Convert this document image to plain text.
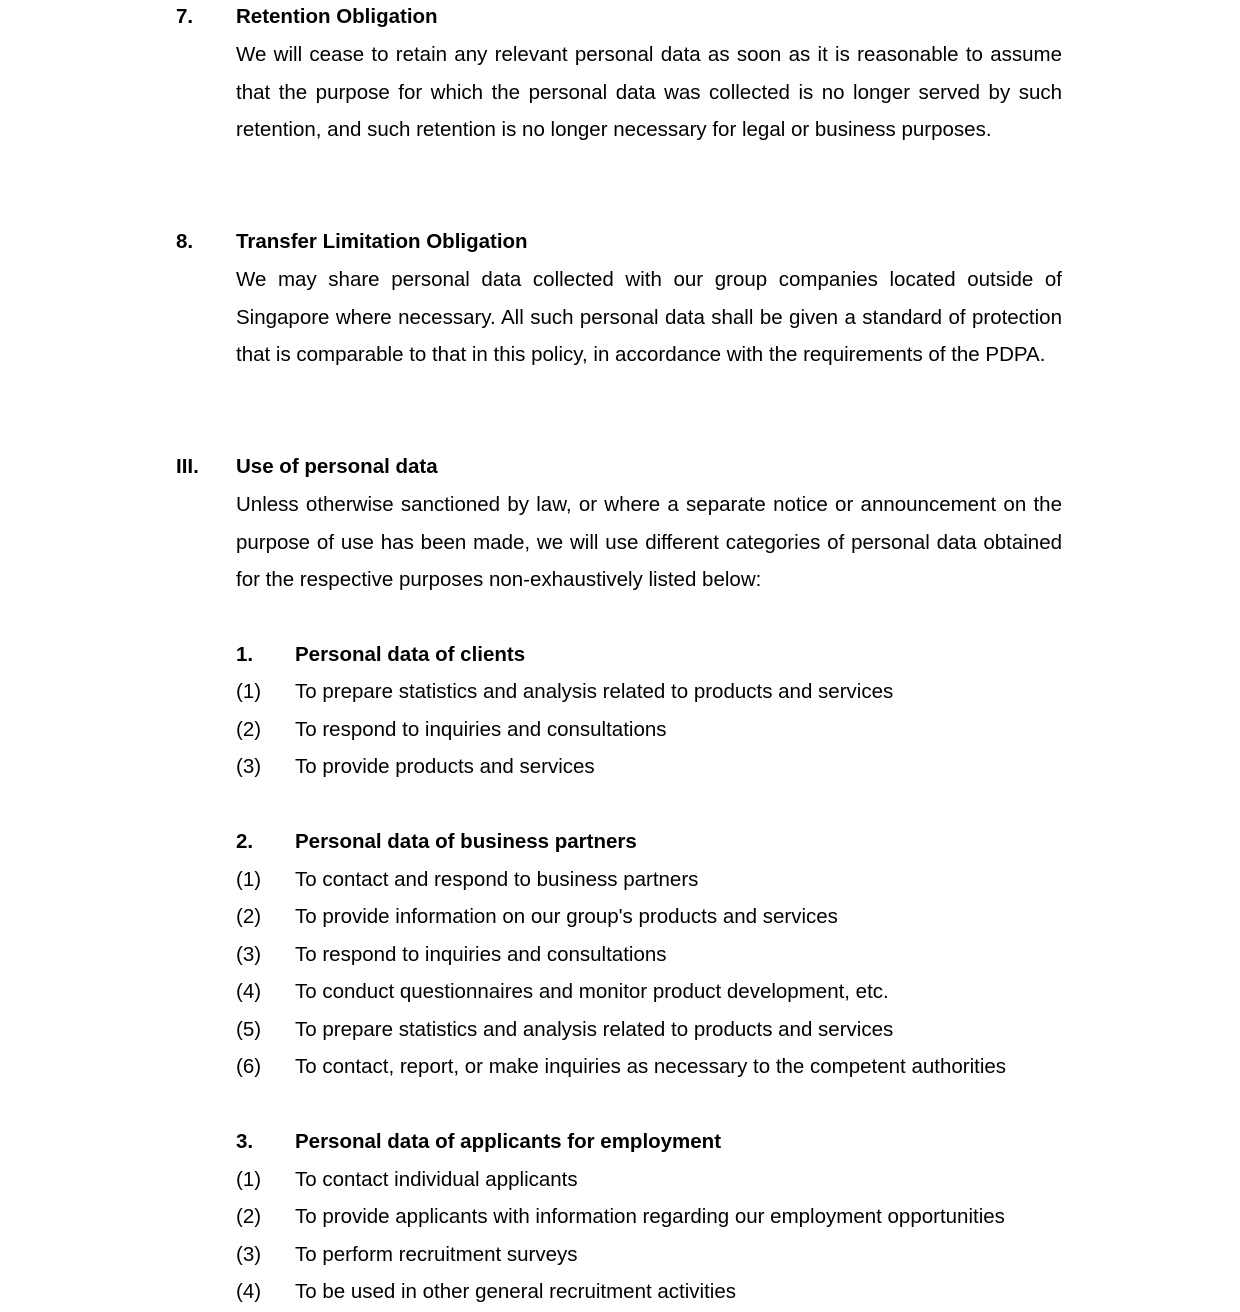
7. Retention Obligation
We will cease to retain any relevant personal data as soon as it is reasonable to assume that the purpose for which the personal data was collected is no longer served by such retention, and such retention is no longer necessary for legal or business purposes.
8. Transfer Limitation Obligation
We may share personal data collected with our group companies located outside of Singapore where necessary. All such personal data shall be given a standard of protection that is comparable to that in this policy, in accordance with the requirements of the PDPA.
III. Use of personal data
Unless otherwise sanctioned by law, or where a separate notice or announcement on the purpose of use has been made, we will use different categories of personal data obtained for the respective purposes non-exhaustively listed below:
1. Personal data of clients
(1) To prepare statistics and analysis related to products and services
(2) To respond to inquiries and consultations
(3) To provide products and services
2. Personal data of business partners
(1) To contact and respond to business partners
(2) To provide information on our group's products and services
(3) To respond to inquiries and consultations
(4) To conduct questionnaires and monitor product development, etc.
(5) To prepare statistics and analysis related to products and services
(6) To contact, report, or make inquiries as necessary to the competent authorities
3. Personal data of applicants for employment
(1) To contact individual applicants
(2) To provide applicants with information regarding our employment opportunities
(3) To perform recruitment surveys
(4) To be used in other general recruitment activities
